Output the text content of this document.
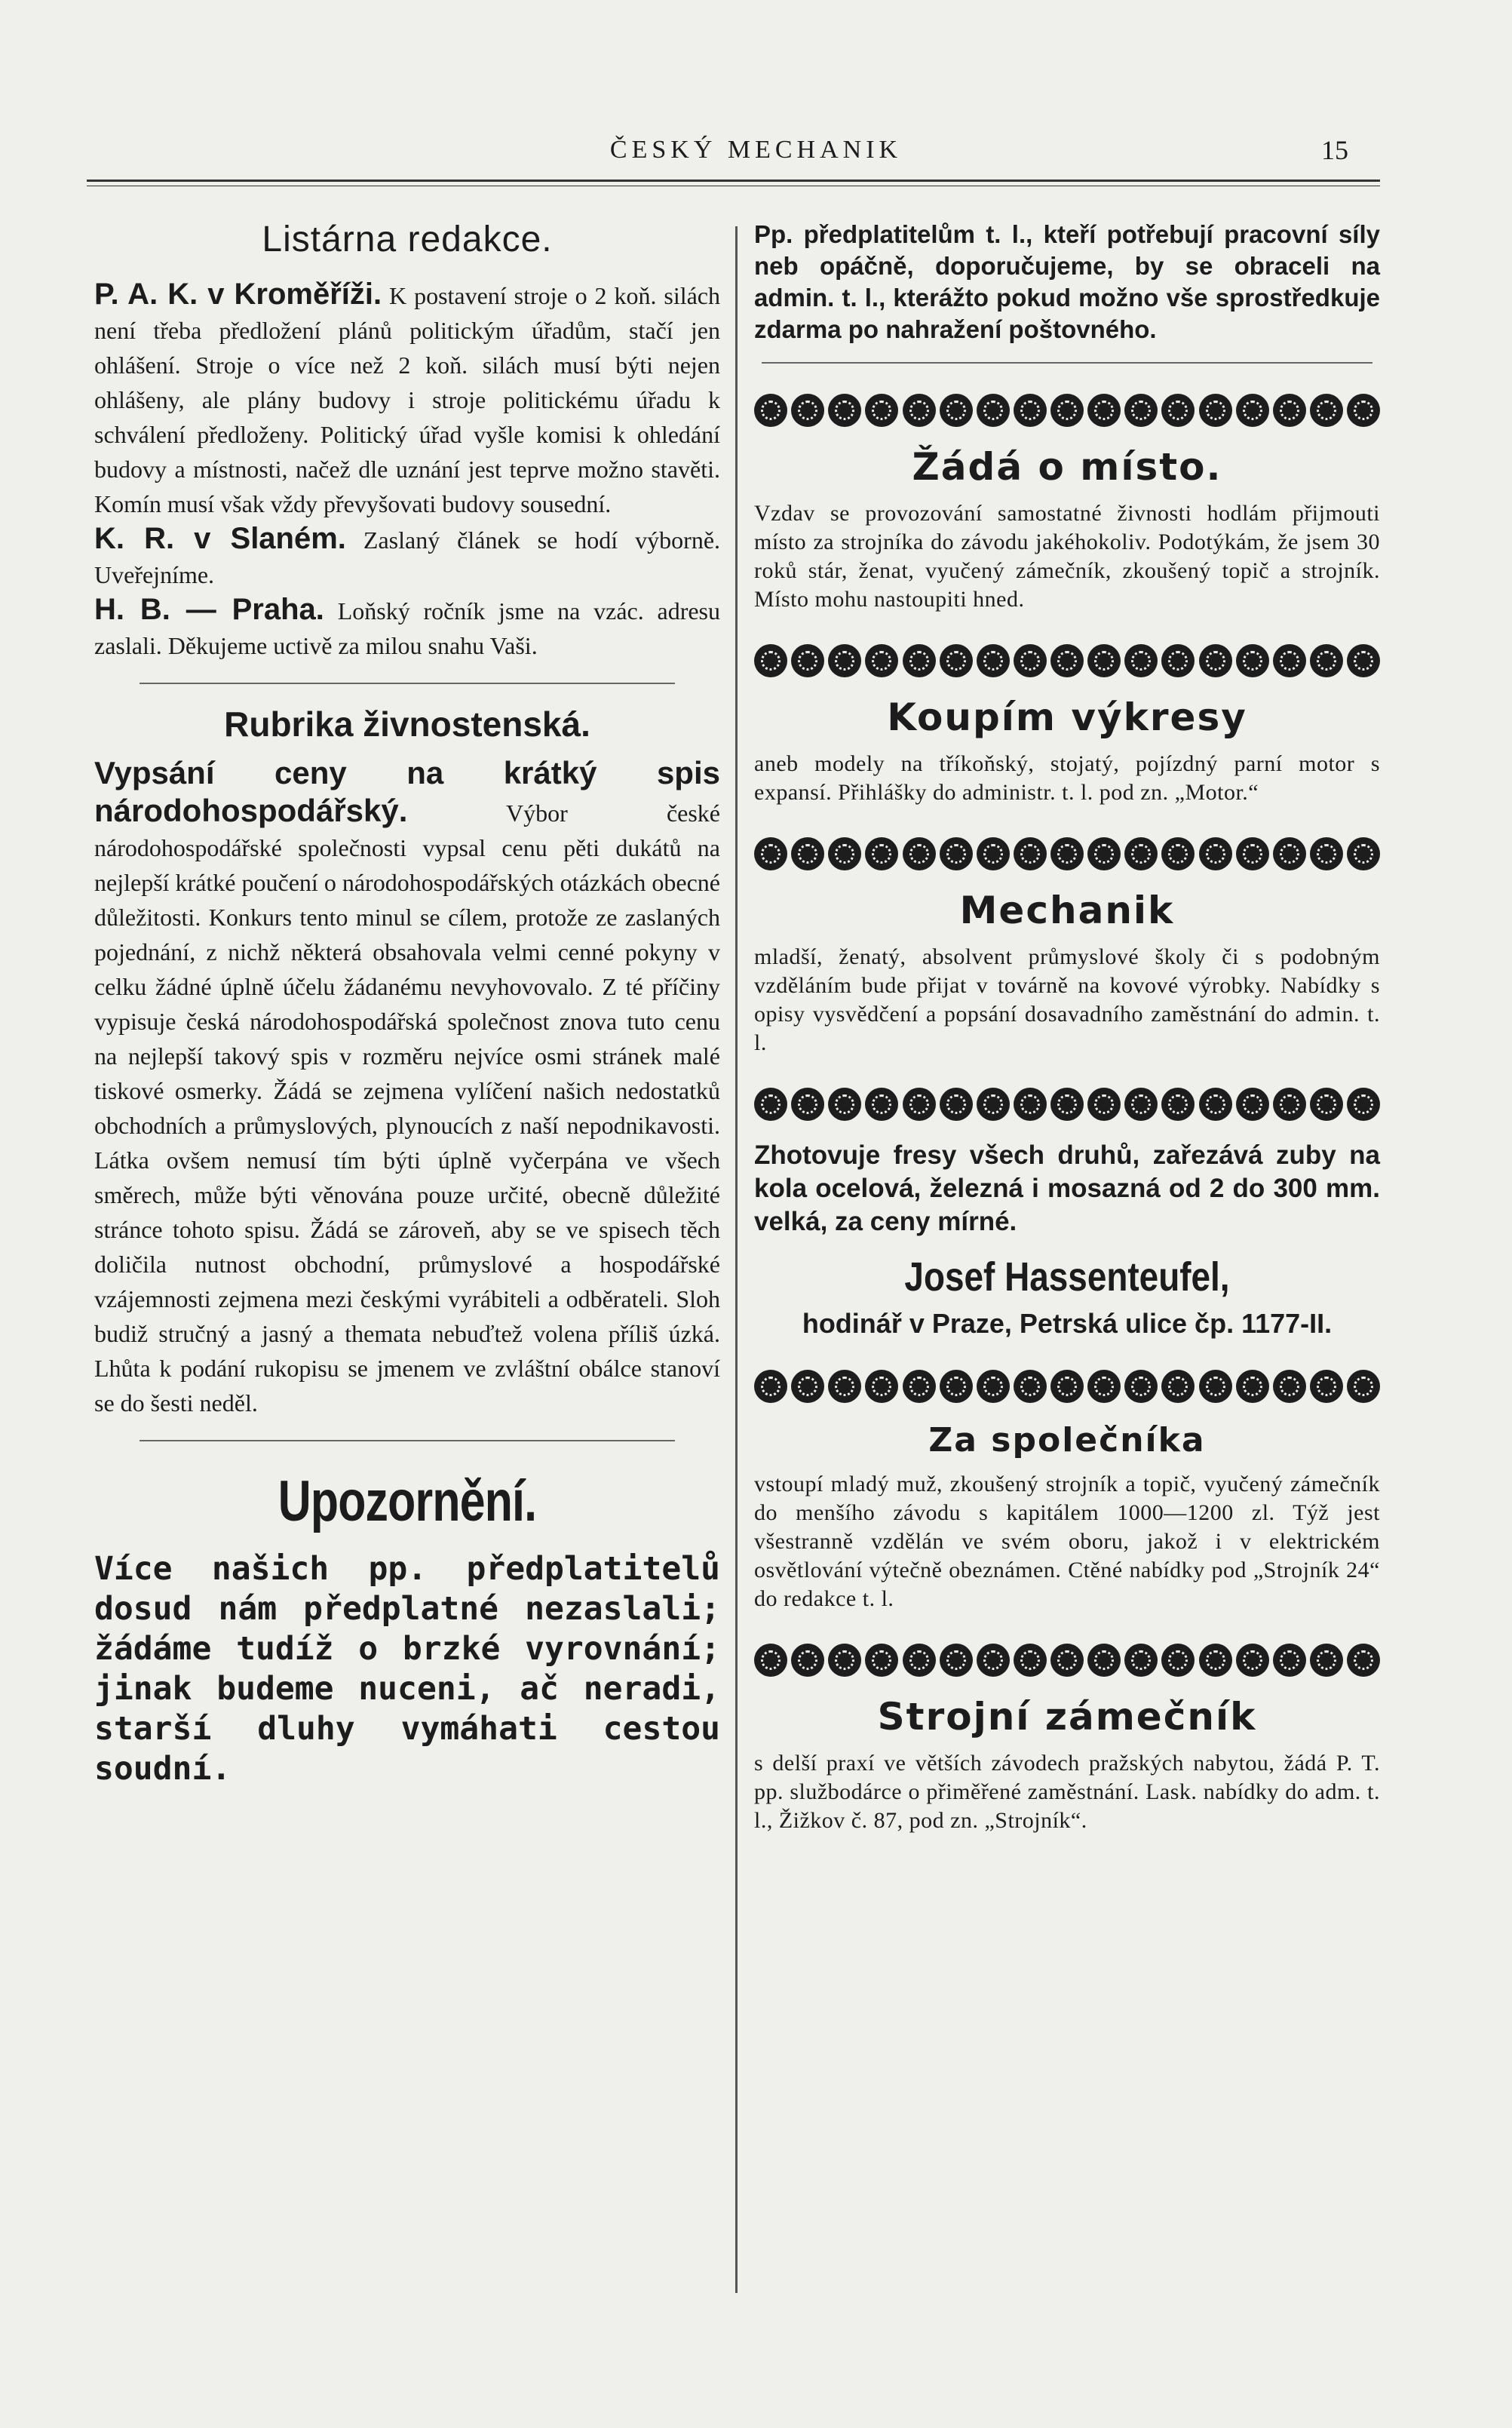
ČESKÝ MECHANIK	15
Listárna redakce.

P. A. K. v Kroměříži. K postavení stroje o 2 koň. silách není třeba předložení plánů politickým úřadům, stačí jen ohlášení. Stroje o více než 2 koň. silách musí býti nejen ohlášeny, ale plány budovy i stroje politickému úřadu k schválení předloženy. Politický úřad vyšle komisi k ohledání budovy a místnosti, načež dle uznání jest teprve možno stavěti. Komín musí však vždy převyšovati budovy sousední.

K. R. v Slaném. Zaslaný článek se hodí výborně. Uveřejníme.

H. B. — Praha. Loňský ročník jsme na vzác. adresu zaslali. Děkujeme uctivě za milou snahu Vaši.

Rubrika živnostenská.

Vypsání ceny na krátký spis národohospodářský.	Výbor české národohospodářské společnosti vypsal cenu pěti dukátů na nejlepší krátké poučení o národohospodářských otázkách obecné důležitosti. Konkurs tento minul se cílem, protože ze zaslaných pojednání, z nichž některá obsahovala velmi cenné pokyny v celku žádné úplně účelu žádanému nevyhovovalo. Z té příčiny vypisuje česká národohospodářská společnost znova tuto cenu na nejlepší takový spis v rozměru nejvíce osmi stránek malé tiskové osmerky. Žádá se zejmena vylíčení našich nedostatků obchodních a průmyslových, plynoucích z naší nepodnikavosti. Látka ovšem nemusí tím býti úplně vyčerpána ve všech směrech, může býti věnována pouze určité, obecně důležité stránce tohoto spisu. Žádá se zároveň, aby se ve spisech těch doličila nutnost obchodní, průmyslové a hospodářské vzájemnosti zejmena mezi českými vyrábiteli a odběrateli. Sloh budiž stručný a jasný a themata nebuďtež volena příliš úzká. Lhůta k podání rukopisu se jmenem ve zvláštní obálce stanoví se do šesti neděl.

Upozornění.

Více našich pp. předplatitelů dosud nám předplatné nezaslali; žádáme tudíž o brzké vyrovnání; jinak budeme nuceni, ač neradi, starší dluhy vymáhati cestou soudní.

Pp. předplatitelům t. l., kteří potřebují pracovní síly neb opáčně, doporučujeme, by se obraceli na admin. t. l., kterážto pokud možno vše sprostředkuje zdarma po nahražení poštovného.

Žádá o místo.

Vzdav se provozování samostatné živnosti hodlám přijmouti místo za strojníka do závodu jakéhokoliv. Podotýkám, že jsem 30 roků stár, ženat, vyučený zámečník, zkoušený topič a strojník. Místo mohu nastoupiti hned.

Koupím výkresy

aneb modely na tříkoňský, stojatý, pojízdný parní motor s expansí. Přihlášky do administr. t. l. pod zn. „Motor.“

Mechanik

mladší, ženatý, absolvent průmyslové školy či s podobným vzděláním bude přijat v továrně na kovové výrobky. Nabídky s opisy vysvědčení a popsání dosavadního zaměstnání do admin. t. l.

Zhotovuje fresy všech druhů, zařezává zuby na kola ocelová, železná i mosazná od 2 do 300 mm. velká, za ceny mírné.

Josef Hassenteufel,

hodinář v Praze, Petrská ulice čp. 1177-II.

Za společníka

vstoupí mladý muž, zkoušený strojník a topič, vyučený zámečník do menšího závodu s kapitálem 1000—1200 zl. Týž jest všestranně vzdělán ve svém oboru, jakož i v elektrickém osvětlování výtečně obeznámen. Ctěné nabídky pod „Strojník 24“ do redakce t. l.

Strojní zámečník

s delší praxí ve větších závodech pražských nabytou, žádá P. T. pp. službodárce o přiměřené zaměstnání. Lask. nabídky do adm. t. l., Žižkov č. 87, pod zn. „Strojník“.
